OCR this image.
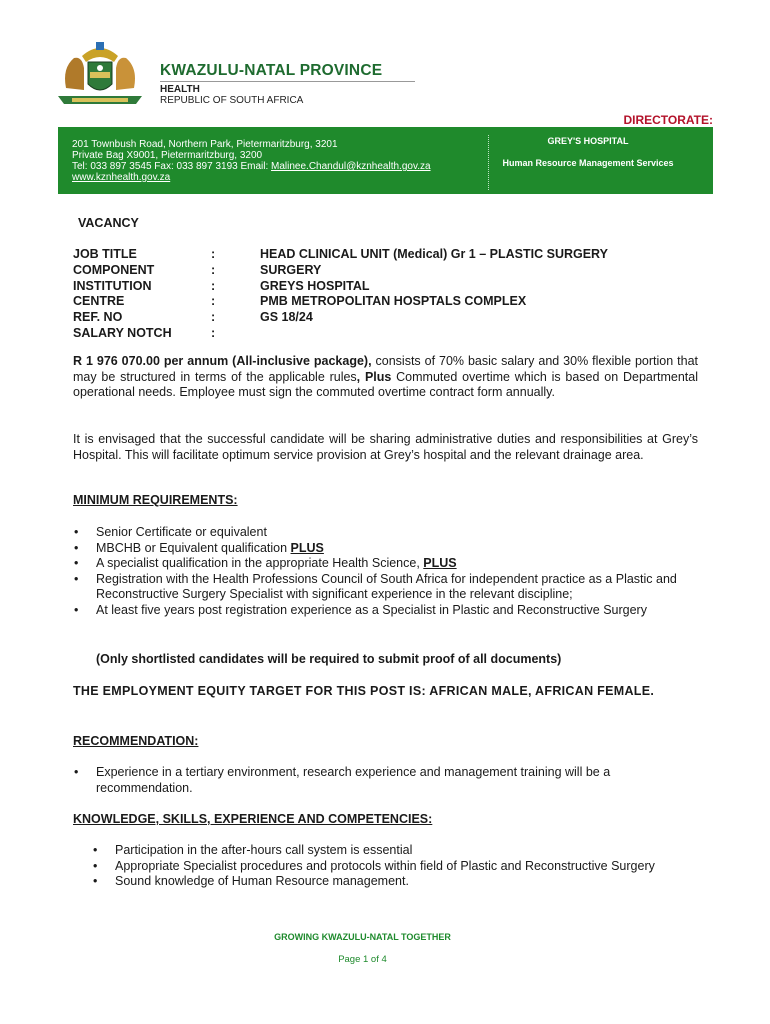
KWAZULU-NATAL PROVINCE
HEALTH
REPUBLIC OF SOUTH AFRICA
DIRECTORATE:
201 Townbush Road, Northern Park, Pietermaritzburg, 3201
Private Bag X9001, Pietermaritzburg, 3200
Tel: 033 897 3545 Fax: 033 897 3193 Email: Malinee.Chandul@kznhealth.gov.za
www.kznhealth.gov.za
GREY'S HOSPITAL
Human Resource Management Services
VACANCY
JOB TITLE	:	HEAD CLINICAL UNIT (Medical) Gr 1 – PLASTIC SURGERY
COMPONENT	:	SURGERY
INSTITUTION	:	GREYS HOSPITAL
CENTRE	:	PMB METROPOLITAN HOSPTALS COMPLEX
REF. NO	:	GS 18/24
SALARY NOTCH	:
R 1 976 070.00 per annum (All-inclusive package), consists of 70% basic salary and 30% flexible portion that may be structured in terms of the applicable rules, Plus Commuted overtime which is based on Departmental operational needs. Employee must sign the commuted overtime contract form annually.
It is envisaged that the successful candidate will be sharing administrative duties and responsibilities at Grey’s Hospital. This will facilitate optimum service provision at Grey’s hospital and the relevant drainage area.
MINIMUM REQUIREMENTS:
• Senior Certificate or equivalent
• MBCHB or Equivalent qualification PLUS
• A specialist qualification in the appropriate Health Science, PLUS
• Registration with the Health Professions Council of South Africa for independent practice as a Plastic and Reconstructive Surgery Specialist with significant experience in the relevant discipline;
• At least five years post registration experience as a Specialist in Plastic and Reconstructive Surgery
(Only shortlisted candidates will be required to submit proof of all documents)
THE EMPLOYMENT EQUITY TARGET FOR THIS POST IS: AFRICAN MALE, AFRICAN FEMALE.
RECOMMENDATION:
• Experience in a tertiary environment, research experience and management training will be a recommendation.
KNOWLEDGE, SKILLS, EXPERIENCE AND COMPETENCIES:
• Participation in the after-hours call system is essential
• Appropriate Specialist procedures and protocols within field of Plastic and Reconstructive Surgery
• Sound knowledge of Human Resource management.
GROWING KWAZULU-NATAL TOGETHER
Page 1 of 4
